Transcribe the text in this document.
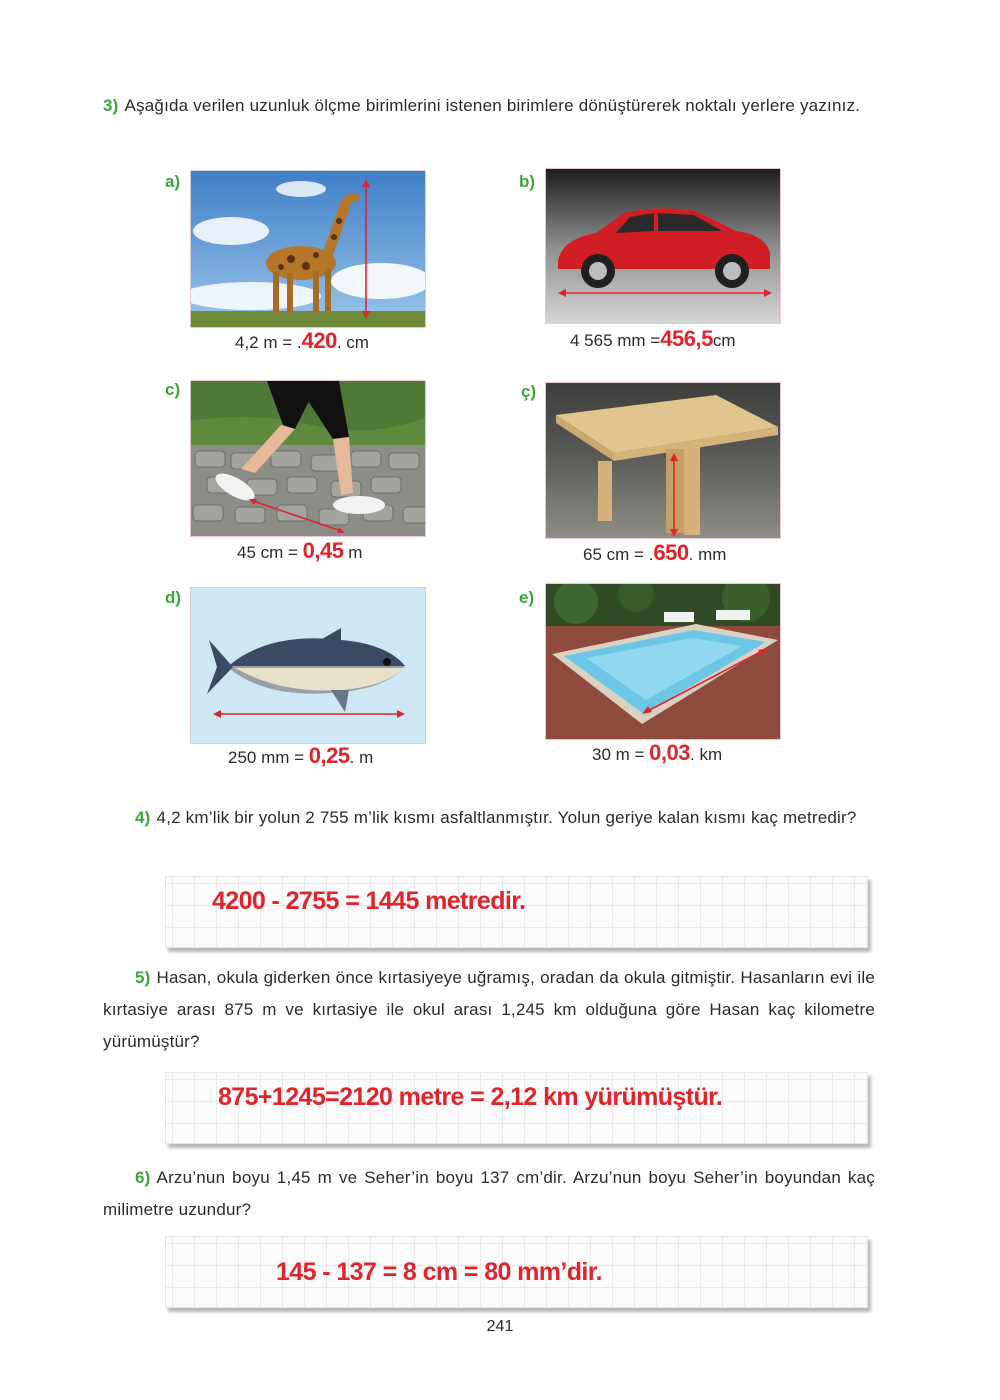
3) Aşağıda verilen uzunluk ölçme birimlerini istenen birimlere dönüştürerek noktalı yerlere yazınız.
a)
4,2 m = .420. cm
b)
4 565 mm =456,5cm
c)
45 cm = 0,45 m
ç)
65 cm = .650. mm
d)
250 mm = 0,25. m
e)
30 m = 0,03. km
4) 4,2 km’lik bir yolun 2 755 m’lik kısmı asfaltlanmıştır. Yolun geriye kalan kısmı kaç metredir?
4200 - 2755 = 1445 metredir.
5) Hasan, okula giderken önce kırtasiyeye uğramış, oradan da okula gitmiştir. Hasanların evi ile kırtasiye arası 875 m ve kırtasiye ile okul arası 1,245 km olduğuna göre Hasan kaç kilometre yürümüştür?
875+1245=2120 metre = 2,12 km yürümüştür.
6) Arzu’nun boyu 1,45 m ve Seher’in boyu 137 cm’dir. Arzu’nun boyu Seher’in boyundan kaç milimetre uzundur?
145 - 137 = 8 cm = 80 mm’dir.
241
